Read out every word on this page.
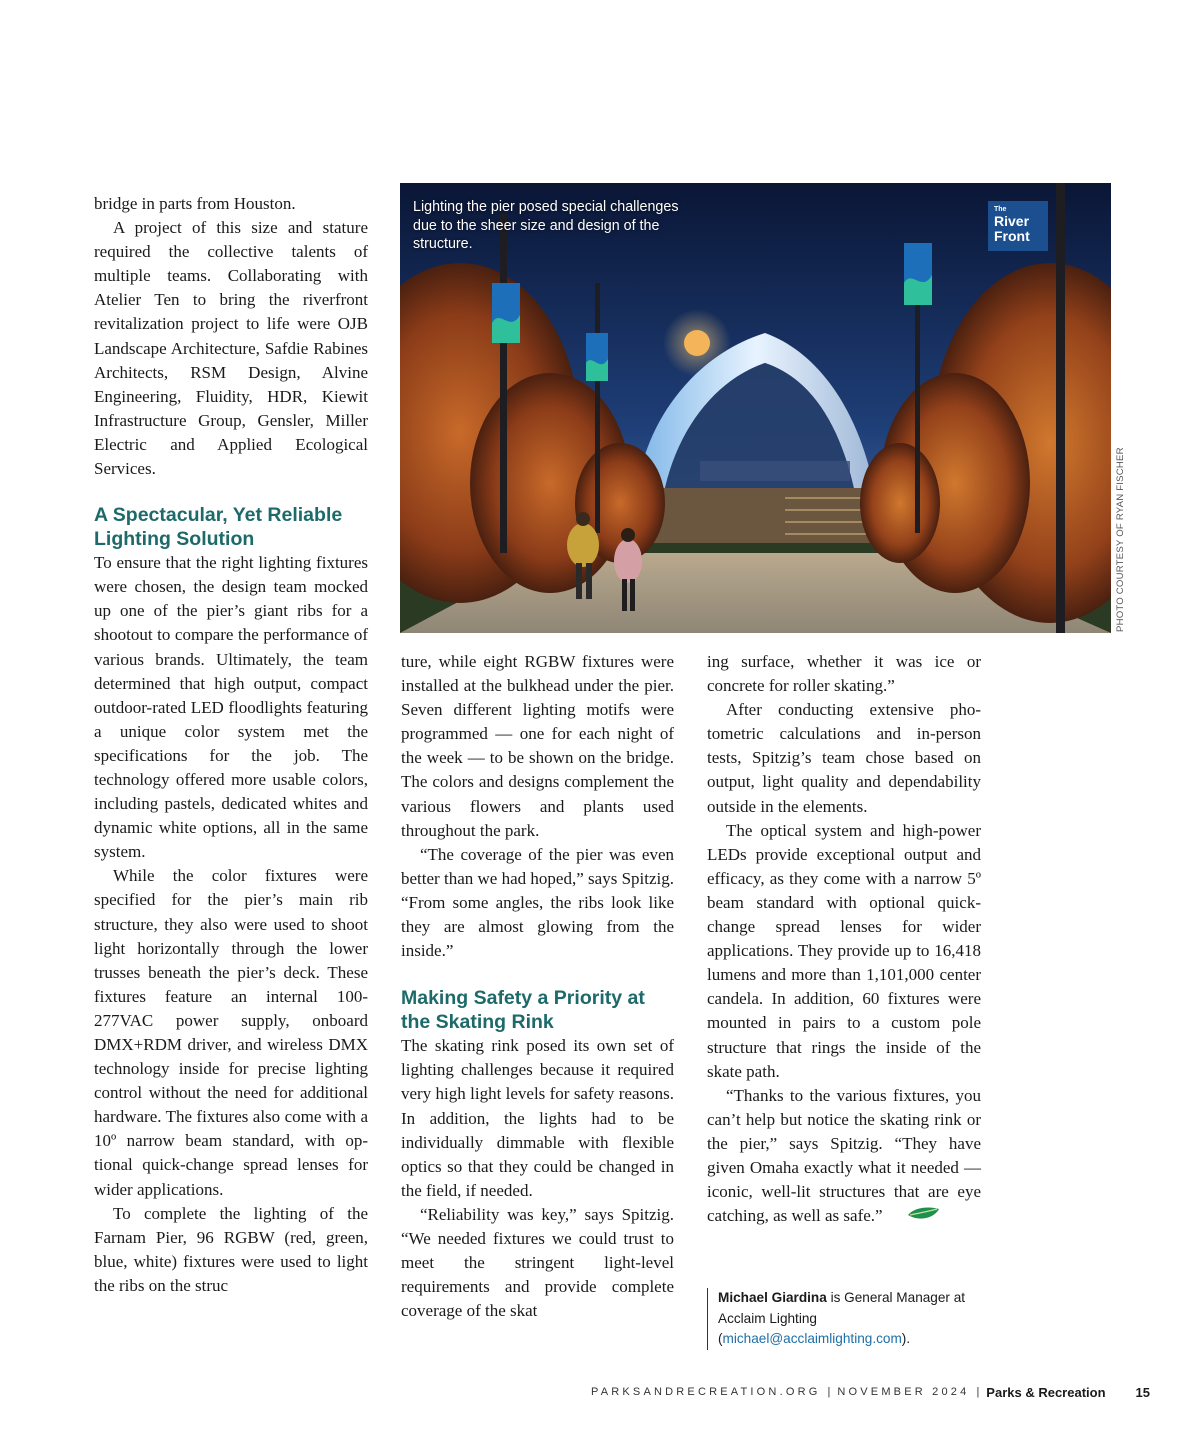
bridge in parts from Houston.

A project of this size and stature required the collective talents of multiple teams. Collaborating with Atelier Ten to bring the riverfront revitalization project to life were OJB Landscape Architecture, Safdie Rabines Architects, RSM Design, Alvine Engineering, Fluidity, HDR, Kiewit Infrastructure Group, Gensler, Miller Electric and Applied Ecological Services.

A Spectacular, Yet Reliable Lighting Solution

To ensure that the right lighting fixtures were chosen, the design team mocked up one of the pier’s giant ribs for a shootout to compare the performance of various brands. Ultimately, the team determined that high output, compact outdoor-rated LED floodlights featuring a unique color system met the specifications for the job. The technology offered more usable colors, including pastels, dedicated whites and dynamic white options, all in the same system.

While the color fixtures were specified for the pier’s main rib structure, they also were used to shoot light horizontally through the lower trusses beneath the pier’s deck. These fixtures feature an internal 100-277VAC power supply, onboard DMX+RDM driver, and wireless DMX technology inside for precise lighting control without the need for additional hardware. The fixtures also come with a 10º narrow beam standard, with optional quick-change spread lenses for wider applications.

To complete the lighting of the Farnam Pier, 96 RGBW (red, green, blue, white) fixtures were used to light the ribs on the struc

The
River
Front
Lighting the pier posed special challenges due to the sheer size and design of the structure.
PHOTO COURTESY OF RYAN FISCHER

ture, while eight RGBW fixtures were installed at the bulkhead under the pier. Seven different lighting motifs were programmed — one for each night of the week — to be shown on the bridge. The colors and designs complement the various flowers and plants used throughout the park.

“The coverage of the pier was even better than we had hoped,” says Spitzig. “From some angles, the ribs look like they are almost glowing from the inside.”

Making Safety a Priority at the Skating Rink

The skating rink posed its own set of lighting challenges because it required very high light levels for safety reasons. In addition, the lights had to be individually dimmable with flexible optics so that they could be changed in the field, if needed.

“Reliability was key,” says Spitzig. “We needed fixtures we could trust to meet the stringent light-level requirements and provide complete coverage of the skat

ing surface, whether it was ice or concrete for roller skating.”

After conducting extensive photometric calculations and in-person tests, Spitzig’s team chose based on output, light quality and dependability outside in the elements.

The optical system and high-power LEDs provide exceptional output and efficacy, as they come with a narrow 5º beam standard with optional quick-change spread lenses for wider applications. They provide up to 16,418 lumens and more than 1,101,000 center candela. In addition, 60 fixtures were mounted in pairs to a custom pole structure that rings the inside of the skate path.

“Thanks to the various fixtures, you can’t help but notice the skating rink or the pier,” says Spitzig. “They have given Omaha exactly what it needed — iconic, well-lit structures that are eye catching, as well as safe.”

Michael Giardina is General Manager at Acclaim Lighting (michael@acclaimlighting.com).
PARKSANDRECREATION.ORG | NOVEMBER 2024 | Parks & Recreation 15
